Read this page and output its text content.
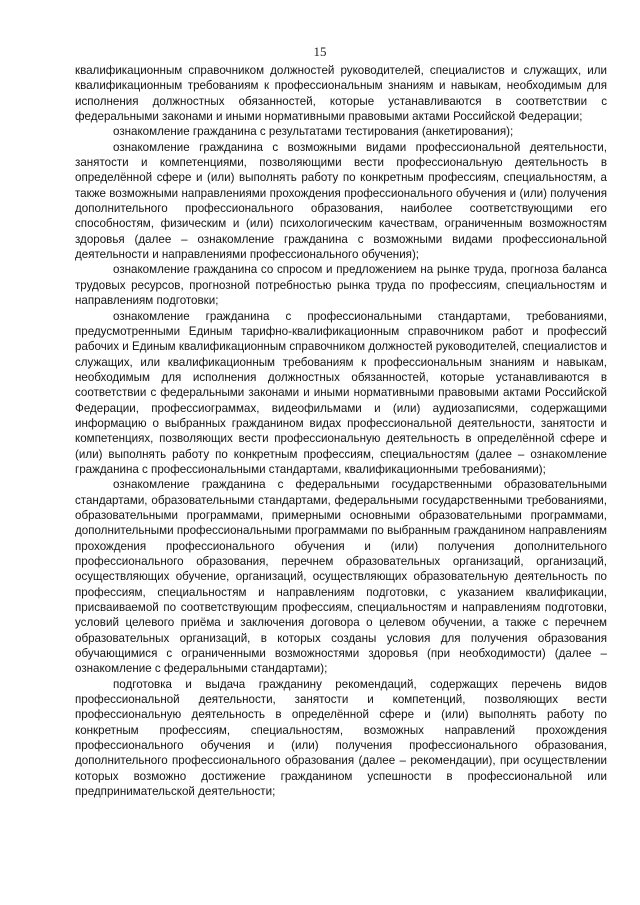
15

квалификационным справочником должностей руководителей, специалистов и служащих, или квалификационным требованиям к профессиональным знаниям и навыкам, необходимым для исполнения должностных обязанностей, которые устанавливаются в соответствии с федеральными законами и иными нормативными правовыми актами Российской Федерации;

ознакомление гражданина с результатами тестирования (анкетирования);

ознакомление гражданина с возможными видами профессиональной деятельности, занятости и компетенциями, позволяющими вести профессиональную деятельность в определённой сфере и (или) выполнять работу по конкретным профессиям, специальностям, а также возможными направлениями прохождения профессионального обучения и (или) получения дополнительного профессионального образования, наиболее соответствующими его способностям, физическим и (или) психологическим качествам, ограниченным возможностям здоровья (далее – ознакомление гражданина с возможными видами профессиональной деятельности и направлениями профессионального обучения);

ознакомление гражданина со спросом и предложением на рынке труда, прогноза баланса трудовых ресурсов, прогнозной потребностью рынка труда по профессиям, специальностям и направлениям подготовки;

ознакомление гражданина с профессиональными стандартами, требованиями, предусмотренными Единым тарифно-квалификационным справочником работ и профессий рабочих и Единым квалификационным справочником должностей руководителей, специалистов и служащих, или квалификационным требованиям к профессиональным знаниям и навыкам, необходимым для исполнения должностных обязанностей, которые устанавливаются в соответствии с федеральными законами и иными нормативными правовыми актами Российской Федерации, профессиограммах, видеофильмами и (или) аудиозаписями, содержащими информацию о выбранных гражданином видах профессиональной деятельности, занятости и компетенциях, позволяющих вести профессиональную деятельность в определённой сфере и (или) выполнять работу по конкретным профессиям, специальностям (далее – ознакомление гражданина с профессиональными стандартами, квалификационными требованиями);

ознакомление гражданина с федеральными государственными образовательными стандартами, образовательными стандартами, федеральными государственными требованиями, образовательными программами, примерными основными образовательными программами, дополнительными профессиональными программами по выбранным гражданином направлениям прохождения профессионального обучения и (или) получения дополнительного профессионального образования, перечнем образовательных организаций, организаций, осуществляющих обучение, организаций, осуществляющих образовательную деятельность по профессиям, специальностям и направлениям подготовки, с указанием квалификации, присваиваемой по соответствующим профессиям, специальностям и направлениям подготовки, условий целевого приёма и заключения договора о целевом обучении, а также с перечнем образовательных организаций, в которых созданы условия для получения образования обучающимися с ограниченными возможностями здоровья (при необходимости) (далее – ознакомление с федеральными стандартами);

подготовка и выдача гражданину рекомендаций, содержащих перечень видов профессиональной деятельности, занятости и компетенций, позволяющих вести профессиональную деятельность в определённой сфере и (или) выполнять работу по конкретным профессиям, специальностям, возможных направлений прохождения профессионального обучения и (или) получения профессионального образования, дополнительного профессионального образования (далее – рекомендации), при осуществлении которых возможно достижение гражданином успешности в профессиональной или предпринимательской деятельности;
